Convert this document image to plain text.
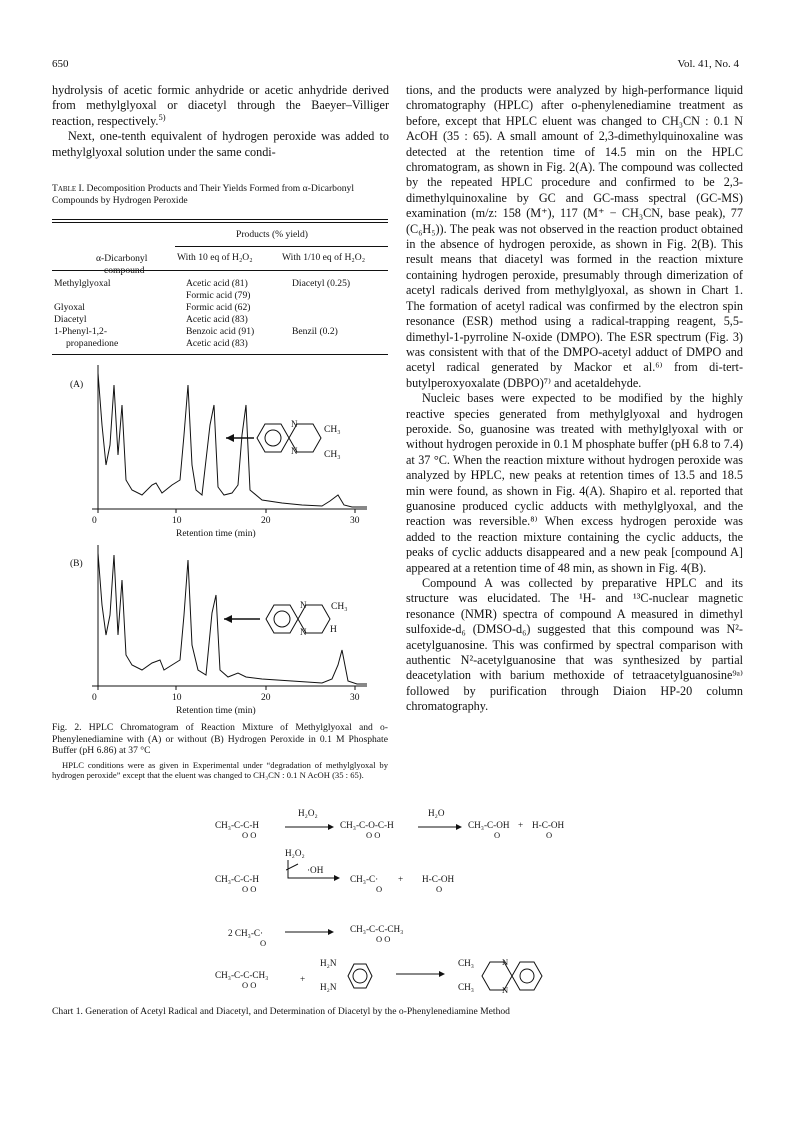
650	Vol. 41, No. 4

hydrolysis of acetic formic anhydride or acetic anhydride derived from methylglyoxal or diacetyl through the Baeyer–Villiger reaction, respectively.$^{5)}$

Next, one-tenth equivalent of hydrogen peroxide was added to methylglyoxal solution under the same condi-

Table I. Decomposition Products and Their Yields Formed from α-Dicarbonyl Compounds by Hydrogen Peroxide
α-Dicarbonyl
compound
Products (% yield)
With 10 eq of H₂O₂	With 1/10 eq of H₂O₂
Methylglyoxal	Acetic acid (81)	Diacetyl (0.25)
Formic acid (79)
Glyoxal	Formic acid (62)
Diacetyl	Acetic acid (83)
1-Phenyl-1,2-	Benzoic acid (91)	Benzil (0.2)
propanedione	Acetic acid (83)
(A)
N
N
CH₃
CH₃
0	10	20	30
Retention time (min)
(B)
N
N
CH₃
H
0	10	20	30
Retention time (min)

Fig. 2. HPLC Chromatogram of Reaction Mixture of Methylglyoxal and o-Phenylenediamine with (A) or without (B) Hydrogen Peroxide in 0.1 M Phosphate Buffer (pH 6.86) at 37 °C

HPLC conditions were as given in Experimental under “degradation of methylglyoxal by hydrogen peroxide” except that the eluent was changed to CH₃CN : 0.1 N AcOH (35 : 65).

tions, and the products were analyzed by high-performance liquid chromatography (HPLC) after o-phenylenediamine treatment as before, except that HPLC eluent was changed to CH₃CN : 0.1 N AcOH (35 : 65). A small amount of 2,3-dimethylquinoxaline was detected at the retention time of 14.5 min on the HPLC chromatogram, as shown in Fig. 2(A). The compound was collected by the repeated HPLC procedure and confirmed to be 2,3-dimethylquinoxaline by GC and GC-mass spectral (GC-MS) examination (m/z: 158 (M⁺), 117 (M⁺ − CH₃CN, base peak), 77 (C₆H₅)). The peak was not observed in the reaction product obtained in the absence of hydrogen peroxide, as shown in Fig. 2(B). This result means that diacetyl was formed in the reaction mixture containing hydrogen peroxide, presumably through dimerization of acetyl radicals derived from methylglyoxal, as shown in Chart 1. The formation of acetyl radical was confirmed by the electron spin resonance (ESR) method using a radical-trapping reagent, 5,5-dimethyl-1-pyrroline N-oxide (DMPO). The ESR spectrum (Fig. 3) was consistent with that of the DMPO-acetyl adduct of DMPO and acetyl radical generated by Mackor et al.⁶⁾ from di-tert-butylperoxyoxalate (DBPO)⁷⁾ and acetaldehyde.

Nucleic bases were expected to be modified by the highly reactive species generated from methylglyoxal and hydrogen peroxide. So, guanosine was treated with methylglyoxal with or without hydrogen peroxide in 0.1 M phosphate buffer (pH 6.8 to 7.4) at 37 °C. When the reaction mixture without hydrogen peroxide was analyzed by HPLC, new peaks at retention times of 13.5 and 18.5 min were found, as shown in Fig. 4(A). Shapiro et al. reported that guanosine produced cyclic adducts with methylglyoxal, and the reaction was reversible.⁸⁾ When excess hydrogen peroxide was added to the reaction mixture containing the cyclic adducts, the peaks of cyclic adducts disappeared and a new peak [compound A] appeared at a retention time of 48 min, as shown in Fig. 4(B).

Compound A was collected by preparative HPLC and its structure was elucidated. The ¹H- and ¹³C-nuclear magnetic resonance (NMR) spectra of compound A measured in dimethyl sulfoxide-d₆ (DMSO-d₆) suggested that this compound was N²-acetylguanosine. This was confirmed by spectral comparison with authentic N²-acetylguanosine that was synthesized by partial deacetylation with barium methoxide of tetraacetylguanosine⁹ᵃ⁾ followed by purification through Diaion HP-20 column chromatography.

CH₃-C-C-H
O O
H₂O₂
CH₃-C-O-C-H
O O
H₂O
CH₃-C-OH
O
+ H-C-OH
O
H₂O₂
·OH
CH₃-C-C-H
O O
CH₃-C·
O
+ H-C-OH
O
2 CH₃-C·
O
CH₃-C-C-CH₃
O O
CH₃-C-C-CH₃
O O
+
H₂N
H₂N
CH₃
CH₃
N
N
Chart 1. Generation of Acetyl Radical and Diacetyl, and Determination of Diacetyl by the o-Phenylenediamine Method
